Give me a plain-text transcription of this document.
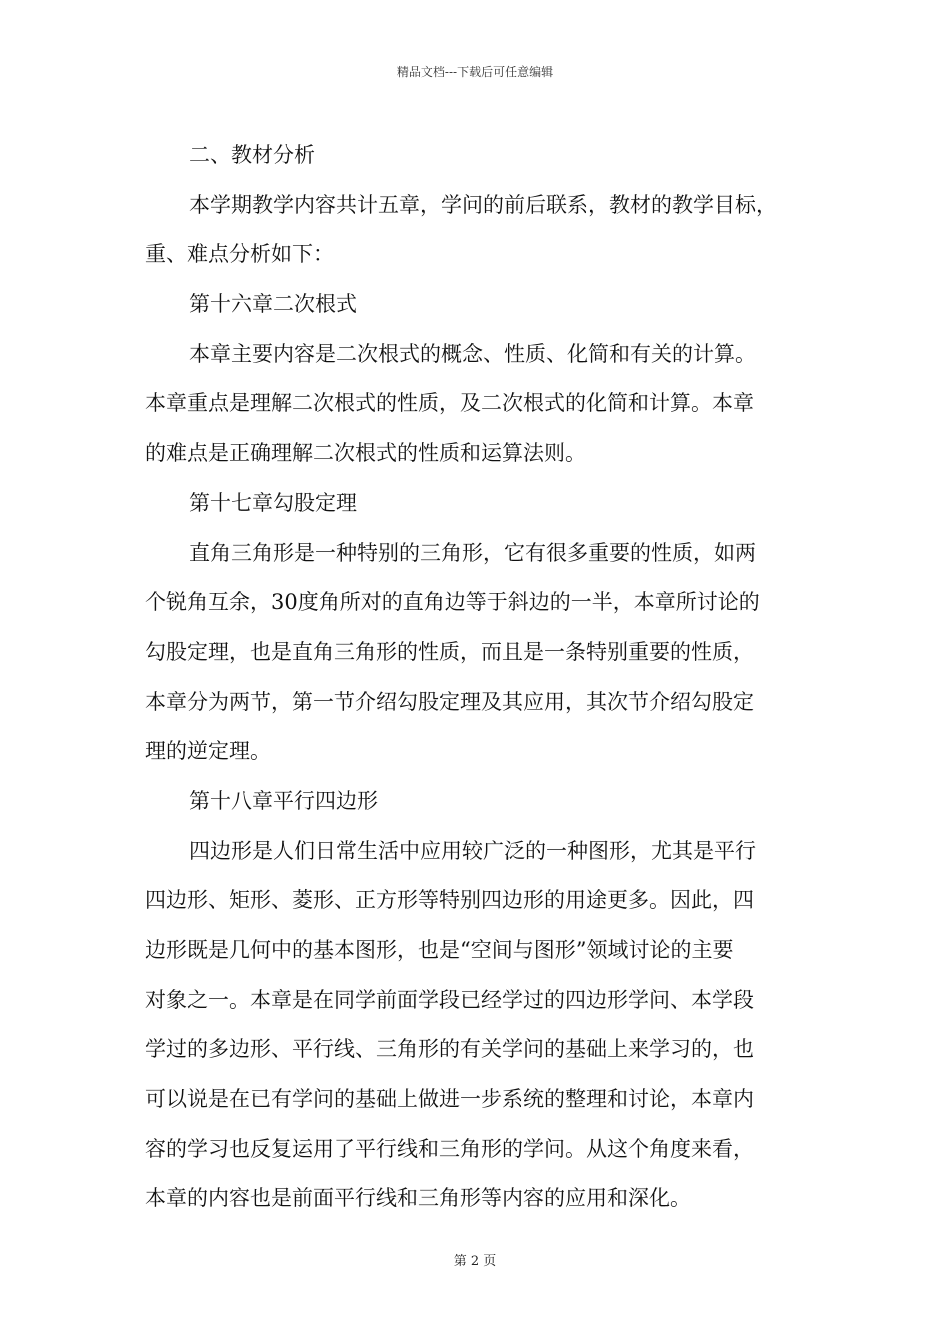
精品文档---下载后可任意编辑
二、教材分析
本学期教学内容共计五章，学问的前后联系，教材的教学目标，
重、难点分析如下：
第十六章二次根式
本章主要内容是二次根式的概念、性质、化简和有关的计算。
本章重点是理解二次根式的性质，及二次根式的化简和计算。本章
的难点是正确理解二次根式的性质和运算法则。
第十七章勾股定理
直角三角形是一种特别的三角形，它有很多重要的性质，如两
个锐角互余，30度角所对的直角边等于斜边的一半，本章所讨论的
勾股定理，也是直角三角形的性质，而且是一条特别重要的性质，
本章分为两节，第一节介绍勾股定理及其应用，其次节介绍勾股定
理的逆定理。
第十八章平行四边形
四边形是人们日常生活中应用较广泛的一种图形，尤其是平行
四边形、矩形、菱形、正方形等特别四边形的用途更多。因此，四
边形既是几何中的基本图形，也是“空间与图形”领域讨论的主要
对象之一。本章是在同学前面学段已经学过的四边形学问、本学段
学过的多边形、平行线、三角形的有关学问的基础上来学习的，也
可以说是在已有学问的基础上做进一步系统的整理和讨论，本章内
容的学习也反复运用了平行线和三角形的学问。从这个角度来看，
本章的内容也是前面平行线和三角形等内容的应用和深化。
第 2 页
